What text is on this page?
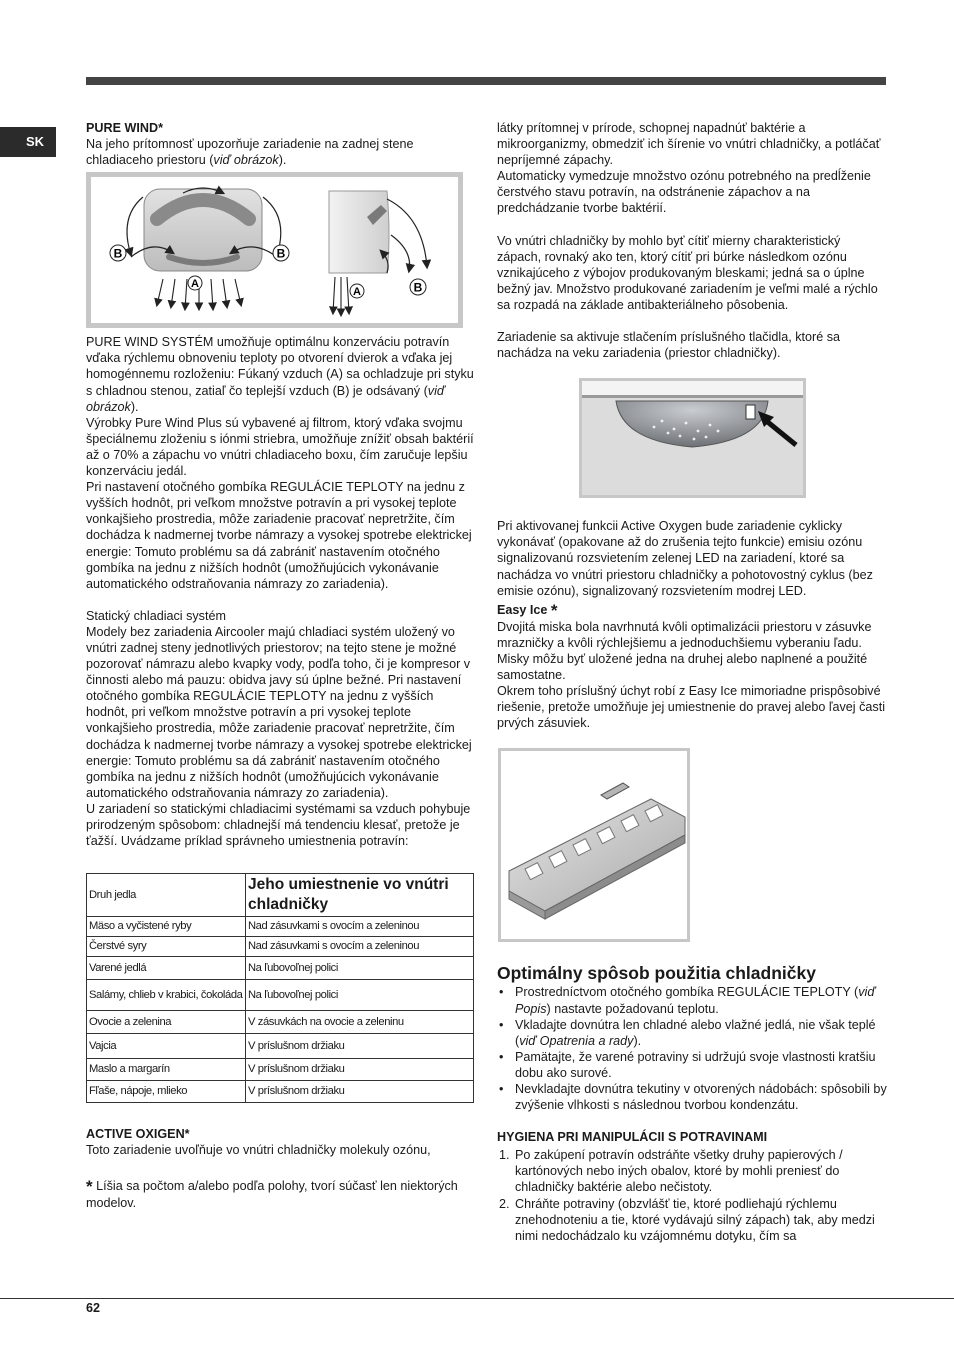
SK
PURE WIND*

Na jeho prítomnosť upozorňuje zariadenie na zadnej stene chladiaceho priestoru (viď obrázok).

B	B
A
A	B

PURE WIND SYSTÉM umožňuje optimálnu konzerváciu potravín vďaka rýchlemu obnoveniu teploty po otvorení dvierok a vďaka jej homogénnemu rozloženiu: Fúkaný vzduch (A) sa ochladzuje pri styku s chladnou stenou, zatiaľ čo teplejší vzduch (B) je odsávaný (viď obrázok).

Výrobky Pure Wind Plus sú vybavené aj filtrom, ktorý vďaka svojmu špeciálnemu zloženiu s iónmi striebra, umožňuje znížiť obsah baktérií až o 70% a zápachu vo vnútri chladiaceho boxu, čím zaručuje lepšiu konzerváciu jedál.

Pri nastavení otočného gombíka REGULÁCIE TEPLOTY na jednu z vyšších hodnôt, pri veľkom množstve potravín a pri vysokej teplote vonkajšieho prostredia, môže zariadenie pracovať nepretržite, čím dochádza k nadmernej tvorbe námrazy a vysokej spotrebe elektrickej energie: Tomuto problému sa dá zabrániť nastavením otočného gombíka na jednu z nižších hodnôt (umožňujúcich vykonávanie automatického odstraňovania námrazy zo zariadenia).

Statický chladiaci systém

Modely bez zariadenia Aircooler majú chladiaci systém uložený vo vnútri zadnej steny jednotlivých priestorov; na tejto stene je možné pozorovať námrazu alebo kvapky vody, podľa toho, či je kompresor v činnosti alebo má pauzu: obidva javy sú úplne bežné. Pri nastavení otočného gombíka REGULÁCIE TEPLOTY na jednu z vyšších hodnôt, pri veľkom množstve potravín a pri vysokej teplote vonkajšieho prostredia, môže zariadenie pracovať nepretržite, čím dochádza k nadmernej tvorbe námrazy a vysokej spotrebe elektrickej energie: Tomuto problému sa dá zabrániť nastavením otočného gombíka na jednu z nižších hodnôt (umožňujúcich vykonávanie automatického odstraňovania námrazy zo zariadenia).

U zariadení so statickými chladiacimi systémami sa vzduch pohybuje prirodzeným spôsobom: chladnejší má tendenciu klesať, pretože je ťažší. Uvádzame príklad správneho umiestnenia potravín:

Druh jedla	Jeho umiestnenie vo vnútri chladničky
Mäso a vyčistené ryby	Nad zásuvkami s ovocím a zeleninou
Čerstvé syry	Nad zásuvkami s ovocím a zeleninou
Varené jedlá	Na ľubovoľnej polici
Salámy, chlieb v krabici, čokoláda	Na ľubovoľnej polici
Ovocie a zelenina	V zásuvkách na ovocie a zeleninu
Vajcia	V príslušnom držiaku
Maslo a margarín	V príslušnom držiaku
Fľaše, nápoje, mlieko	V príslušnom držiaku
ACTIVE OXIGEN*

Toto zariadenie uvoľňuje vo vnútri chladničky molekuly ozónu,

* Líšia sa počtom a/alebo podľa polohy, tvorí súčasť len niektorých modelov.

látky prítomnej v prírode, schopnej napadnúť baktérie a mikroorganizmy, obmedziť ich šírenie vo vnútri chladničky, a potláčať nepríjemné zápachy.

Automaticky vymedzuje množstvo ozónu potrebného na predĺženie čerstvého stavu potravín, na odstránenie zápachov a na predchádzanie tvorbe baktérií.

Vo vnútri chladničky by mohlo byť cítiť mierny charakteristický zápach, rovnaký ako ten, ktorý cítiť pri búrke následkom ozónu vznikajúceho z výbojov produkovaným bleskami; jedná sa o úplne bežný jav. Množstvo produkované zariadením je veľmi malé a rýchlo sa rozpadá na základe antibakteriálneho pôsobenia.

Zariadenie sa aktivuje stlačením príslušného tlačidla, ktoré sa nachádza na veku zariadenia (priestor chladničky).

Pri aktivovanej funkcii Active Oxygen bude zariadenie cyklicky vykonávať (opakovane až do zrušenia tejto funkcie) emisiu ozónu signalizovanú rozsvietením zelenej LED na zariadení, ktoré sa nachádza vo vnútri priestoru chladničky a pohotovostný cyklus (bez emisie ozónu), signalizovaný rozsvietením modrej LED.

Easy Ice *

Dvojitá miska bola navrhnutá kvôli optimalizácii priestoru v zásuvke mrazničky a kvôli rýchlejšiemu a jednoduchšiemu vyberaniu ľadu. Misky môžu byť uložené jedna na druhej alebo naplnené a použité samostatne.

Okrem toho príslušný úchyt robí z Easy Ice mimoriadne prispôsobivé riešenie, pretože umožňuje jej umiestnenie do pravej alebo ľavej časti prvých zásuviek.

Optimálny spôsob použitia chladničky
• Prostredníctvom otočného gombíka REGULÁCIE TEPLOTY (viď Popis) nastavte požadovanú teplotu.
• Vkladajte dovnútra len chladné alebo vlažné jedlá, nie však teplé (viď Opatrenia a rady).
• Pamätajte, že varené potraviny si udržujú svoje vlastnosti kratšiu dobu ako surové.
• Nevkladajte dovnútra tekutiny v otvorených nádobách: spôsobili by zvýšenie vlhkosti s následnou tvorbou kondenzátu.
HYGIENA PRI MANIPULÁCII S POTRAVINAMI
1. Po zakúpení potravín odstráňte všetky druhy papierových / kartónových nebo iných obalov, ktoré by mohli preniesť do chladničky baktérie alebo nečistoty.
2. Chráňte potraviny (obzvlášť tie, ktoré podliehajú rýchlemu znehodnoteniu a tie, ktoré vydávajú silný zápach) tak, aby medzi nimi nedochádzalo ku vzájomnému dotyku, čím sa
62
